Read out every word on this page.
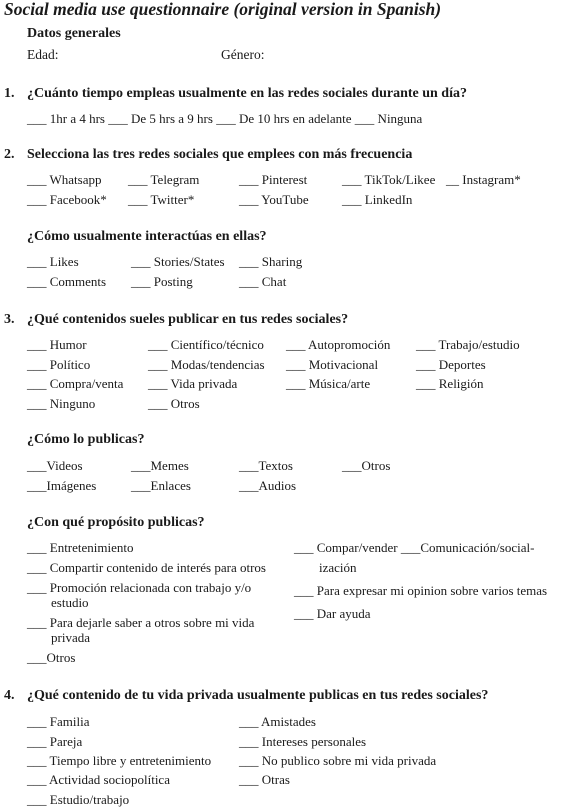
Social media use questionnaire (original version in Spanish)
Datos generales
Edad:	Género:
1. ¿Cuánto tiempo empleas usualmente en las redes sociales durante un día?
___ 1hr a 4 hrs ___ De 5 hrs a 9 hrs ___ De 10 hrs en adelante ___ Ninguna
2. Selecciona las tres redes sociales que emplees con más frecuencia
___ Whatsapp ___ Telegram	___ Pinterest	___ TikTok/Likee __ Instagram*
___ Facebook* ___ Twitter*	___ YouTube	___ LinkedIn
¿Cómo usualmente interactúas en ellas?
___ Likes	___ Stories/States ___ Sharing
___ Comments ___ Posting	___ Chat
3. ¿Qué contenidos sueles publicar en tus redes sociales?
___ Humor	___ Científico/técnico ___ Autopromoción ___ Trabajo/estudio
___ Político	___ Modas/tendencias ___ Motivacional	___ Deportes
___ Compra/venta ___ Vida privada	___ Música/arte	___ Religión
___ Ninguno	___ Otros
¿Cómo lo publicas?
___Videos	___Memes	___Textos	___Otros
___Imágenes	___Enlaces	___Audios
¿Con qué propósito publicas?
___ Entretenimiento
___ Compartir contenido de interés para otros
___ Promoción relacionada con trabajo y/o
estudio
___ Para dejarle saber a otros sobre mi vida
privada
___Otros
___ Compar/vender ___Comunicación/social-
ización
___ Para expresar mi opinion sobre varios temas
___ Dar ayuda
4. ¿Qué contenido de tu vida privada usualmente publicas en tus redes sociales?
___ Familia
___ Pareja
___ Tiempo libre y entretenimiento
___ Actividad sociopolítica
___ Estudio/trabajo
___ Amistades
___ Intereses personales
___ No publico sobre mi vida privada
___ Otras
